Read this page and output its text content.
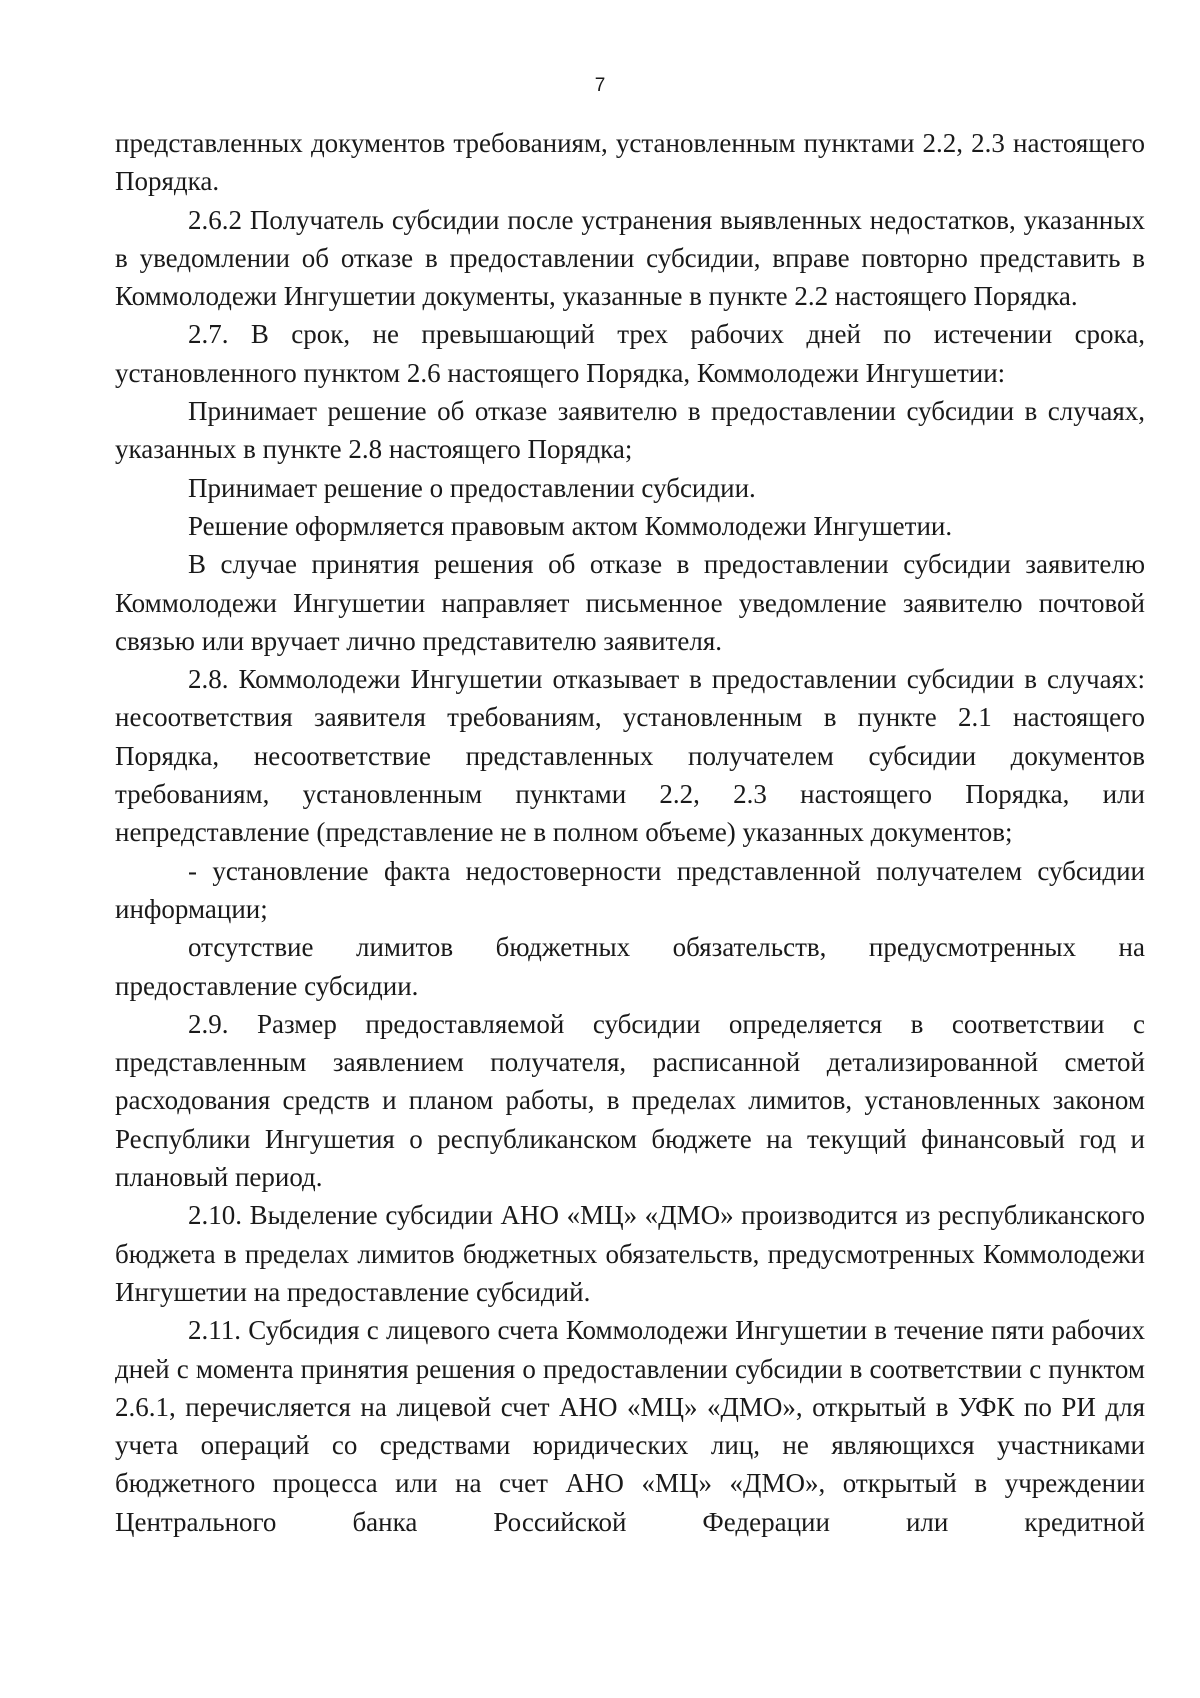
7

представленных документов требованиям, установленным пунктами 2.2, 2.3 настоящего Порядка.

2.6.2 Получатель субсидии после устранения выявленных недостатков, указанных в уведомлении об отказе в предоставлении субсидии, вправе повторно представить в Коммолодежи Ингушетии документы, указанные в пункте 2.2 настоящего Порядка.

2.7. В срок, не превышающий трех рабочих дней по истечении срока, установленного пунктом 2.6 настоящего Порядка, Коммолодежи Ингушетии:

Принимает решение об отказе заявителю в предоставлении субсидии в случаях, указанных в пункте 2.8 настоящего Порядка;

Принимает решение о предоставлении субсидии.

Решение оформляется правовым актом Коммолодежи Ингушетии.

В случае принятия решения об отказе в предоставлении субсидии заявителю Коммолодежи Ингушетии направляет письменное уведомление заявителю почтовой связью или вручает лично представителю заявителя.

2.8. Коммолодежи Ингушетии отказывает в предоставлении субсидии в случаях: несоответствия заявителя требованиям, установленным в пункте 2.1 настоящего Порядка, несоответствие представленных получателем субсидии документов требованиям, установленным пунктами 2.2, 2.3 настоящего Порядка, или непредставление (представление не в полном объеме) указанных документов;

- установление факта недостоверности представленной получателем субсидии информации;

отсутствие лимитов бюджетных обязательств, предусмотренных на предоставление субсидии.

2.9. Размер предоставляемой субсидии определяется в соответствии с представленным заявлением получателя, расписанной детализированной сметой расходования средств и планом работы, в пределах лимитов, установленных законом Республики Ингушетия о республиканском бюджете на текущий финансовый год и плановый период.

2.10. Выделение субсидии АНО «МЦ» «ДМО» производится из республиканского бюджета в пределах лимитов бюджетных обязательств, предусмотренных Коммолодежи Ингушетии на предоставление субсидий.

2.11. Субсидия с лицевого счета Коммолодежи Ингушетии в течение пяти рабочих дней с момента принятия решения о предоставлении субсидии в соответствии с пунктом 2.6.1, перечисляется на лицевой счет АНО «МЦ» «ДМО», открытый в УФК по РИ для учета операций со средствами юридических лиц, не являющихся участниками бюджетного процесса или на счет АНО «МЦ» «ДМО», открытый в учреждении Центрального банка Российской Федерации или кредитной
